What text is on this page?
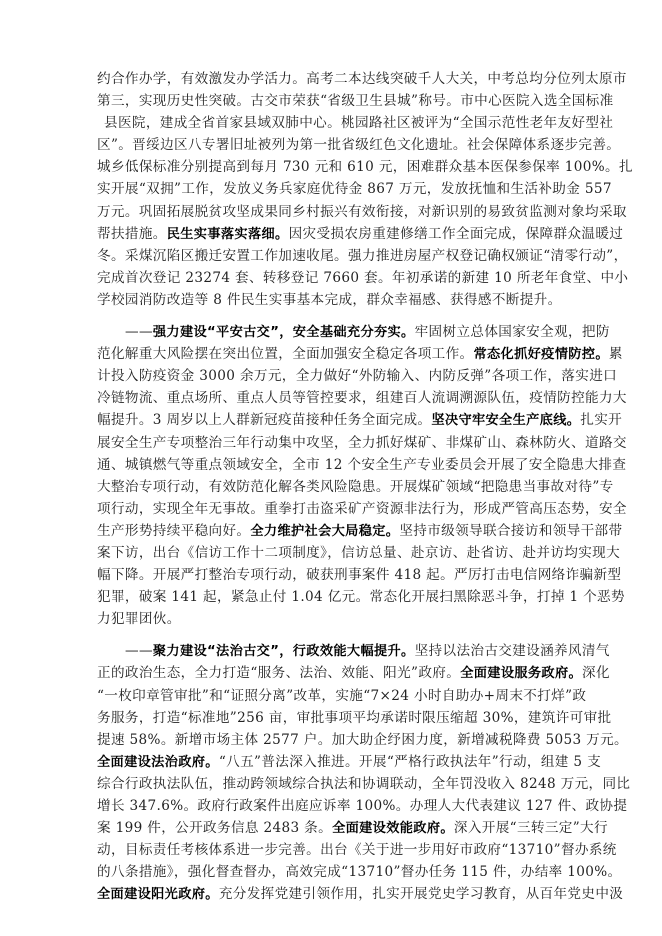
约合作办学，有效激发办学活力。高考二本达线突破千人大关，中考总均分位列太原市
第三，实现历史性突破。古交市荣获“省级卫生县城”称号。市中心医院入选全国标准
县医院，建成全省首家县域双肺中心。桃园路社区被评为“全国示范性老年友好型社
区”。晋绥边区八专署旧址被列为第一批省级红色文化遗址。社会保障体系逐步完善。
城乡低保标准分别提高到每月 730 元和 610 元，困难群众基本医保参保率 100%。扎
实开展“双拥”工作，发放义务兵家庭优待金 867 万元，发放抚恤和生活补助金 557
万元。巩固拓展脱贫攻坚成果同乡村振兴有效衔接，对新识别的易致贫监测对象均采取
帮扶措施。民生实事落实落细。因灾受损农房重建修缮工作全面完成，保障群众温暖过
冬。采煤沉陷区搬迁安置工作加速收尾。强力推进房屋产权登记确权颁证“清零行动”，
完成首次登记 23274 套、转移登记 7660 套。年初承诺的新建 10 所老年食堂、中小
学校园消防改造等 8 件民生实事基本完成，群众幸福感、获得感不断提升。
——强力建设“平安古交”，安全基础充分夯实。牢固树立总体国家安全观，把防
范化解重大风险摆在突出位置，全面加强安全稳定各项工作。常态化抓好疫情防控。累
计投入防疫资金 3000 余万元，全力做好“外防输入、内防反弹”各项工作，落实进口
冷链物流、重点场所、重点人员等管控要求，组建百人流调溯源队伍，疫情防控能力大
幅提升。3 周岁以上人群新冠疫苗接种任务全面完成。坚决守牢安全生产底线。扎实开
展安全生产专项整治三年行动集中攻坚，全力抓好煤矿、非煤矿山、森林防火、道路交
通、城镇燃气等重点领域安全，全市 12 个安全生产专业委员会开展了安全隐患大排查
大整治专项行动，有效防范化解各类风险隐患。开展煤矿领域“把隐患当事故对待”专
项行动，实现全年无事故。重拳打击盗采矿产资源非法行为，形成严管高压态势，安全
生产形势持续平稳向好。全力维护社会大局稳定。坚持市级领导联合接访和领导干部带
案下访，出台《信访工作十二项制度》，信访总量、赴京访、赴省访、赴并访均实现大
幅下降。开展严打整治专项行动，破获刑事案件 418 起。严厉打击电信网络诈骗新型
犯罪，破案 141 起，紧急止付 1.04 亿元。常态化开展扫黑除恶斗争，打掉 1 个恶势
力犯罪团伙。
——聚力建设“法治古交”，行政效能大幅提升。坚持以法治古交建设涵养风清气
正的政治生态，全力打造“服务、法治、效能、阳光”政府。全面建设服务政府。深化
“一枚印章管审批”和“证照分离”改革，实施“7×24 小时自助办+周末不打烊”政
务服务，打造“标准地”256 亩，审批事项平均承诺时限压缩超 30%，建筑许可审批
提速 58%。新增市场主体 2577 户。加大助企纾困力度，新增减税降费 5053 万元。
全面建设法治政府。“八五”普法深入推进。开展“严格行政执法年”行动，组建 5 支
综合行政执法队伍，推动跨领域综合执法和协调联动，全年罚没收入 8248 万元，同比
增长 347.6%。政府行政案件出庭应诉率 100%。办理人大代表建议 127 件、政协提
案 199 件，公开政务信息 2483 条。全面建设效能政府。深入开展“三转三定”大行
动，目标责任考核体系进一步完善。出台《关于进一步用好市政府“13710”督办系统
的八条措施》，强化督查督办，高效完成“13710”督办任务 115 件，办结率 100%。
全面建设阳光政府。充分发挥党建引领作用，扎实开展党史学习教育，从百年党史中汲
